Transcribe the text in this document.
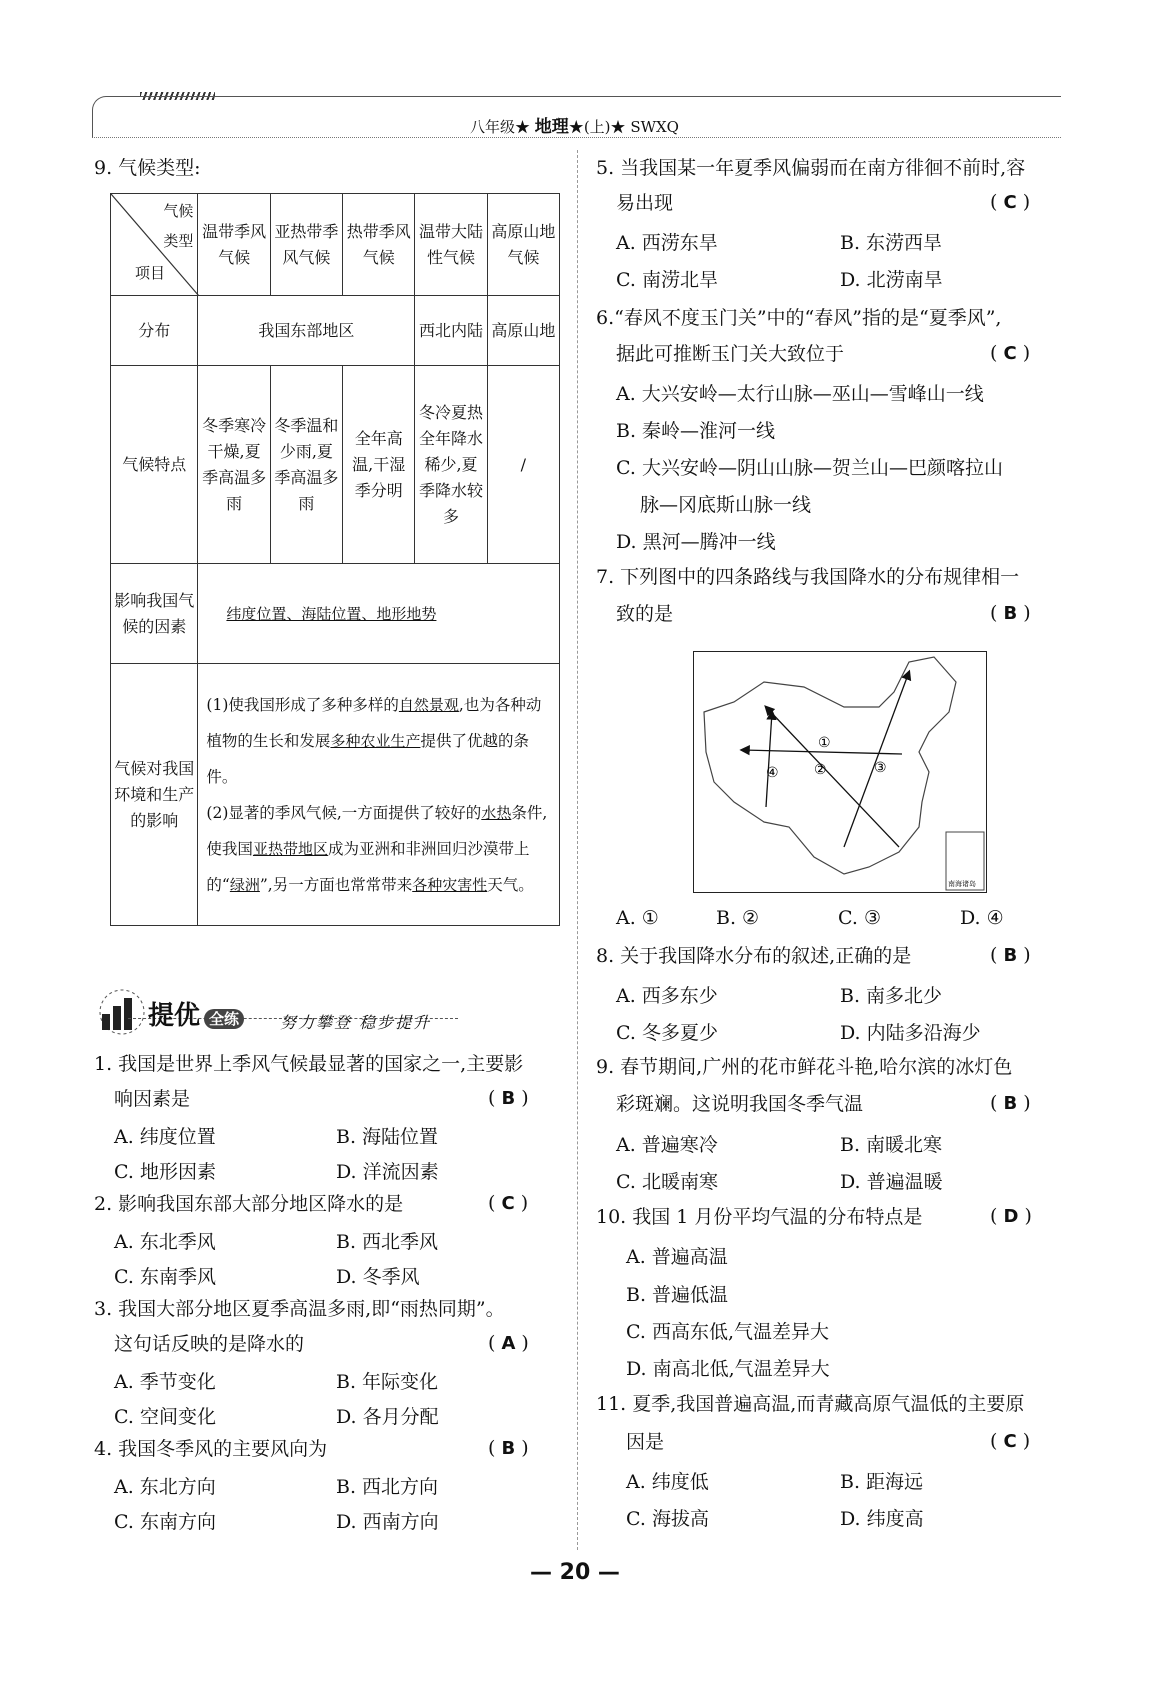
八年级★ 地理★(上)★ SWXQ
9. 气候类型:
气候
类型
项目	温带季风气候	亚热带季风气候	热带季风气候	温带大陆性气候	高原山地气候
分布	我国东部地区			西北内陆	高原山地
气候特点	冬季寒冷干燥,夏季高温多雨	冬季温和少雨,夏季高温多雨	全年高温,干湿季分明	冬冷夏热全年降水稀少,夏季降水较多	/
影响我国气候的因素	纬度位置、海陆位置、地形地势				
气候对我国环境和生产的影响	(1)使我国形成了多种多样的自然景观,也为各种动植物的生长和发展多种农业生产提供了优越的条件。
(2)显著的季风气候,一方面提供了较好的水热条件,使我国亚热带地区成为亚洲和非洲回归沙漠带上的“绿洲”,另一方面也常常带来各种灾害性天气。				
提优 全练	努力攀登 稳步提升
1. 我国是世界上季风气候最显著的国家之一,主要影
响因素是	( B )
A. 纬度位置	B. 海陆位置
C. 地形因素	D. 洋流因素
2. 影响我国东部大部分地区降水的是	( C )
A. 东北季风	B. 西北季风
C. 东南季风	D. 冬季风
3. 我国大部分地区夏季高温多雨,即“雨热同期”。
这句话反映的是降水的	( A )
A. 季节变化	B. 年际变化
C. 空间变化	D. 各月分配
4. 我国冬季风的主要风向为	( B )
A. 东北方向	B. 西北方向
C. 东南方向	D. 西南方向
5. 当我国某一年夏季风偏弱而在南方徘徊不前时,容
易出现	( C )
A. 西涝东旱	B. 东涝西旱
C. 南涝北旱	D. 北涝南旱
6.“春风不度玉门关”中的“春风”指的是“夏季风”,
据此可推断玉门关大致位于	( C )
A. 大兴安岭—太行山脉—巫山—雪峰山一线
B. 秦岭—淮河一线
C. 大兴安岭—阴山山脉—贺兰山—巴颜喀拉山
脉—冈底斯山脉一线
D. 黑河—腾冲一线
7. 下列图中的四条路线与我国降水的分布规律相一
致的是	( B )
①
②	③
④
南海诸岛
A. ①	B. ②	C. ③	D. ④
8. 关于我国降水分布的叙述,正确的是	( B )
A. 西多东少	B. 南多北少
C. 冬多夏少	D. 内陆多沿海少
9. 春节期间,广州的花市鲜花斗艳,哈尔滨的冰灯色
彩斑斓。这说明我国冬季气温	( B )
A. 普遍寒冷	B. 南暖北寒
C. 北暖南寒	D. 普遍温暖
10. 我国 1 月份平均气温的分布特点是	( D )
A. 普遍高温
B. 普遍低温
C. 西高东低,气温差异大
D. 南高北低,气温差异大
11. 夏季,我国普遍高温,而青藏高原气温低的主要原
因是	( C )
A. 纬度低	B. 距海远
C. 海拔高	D. 纬度高
— 20 —
